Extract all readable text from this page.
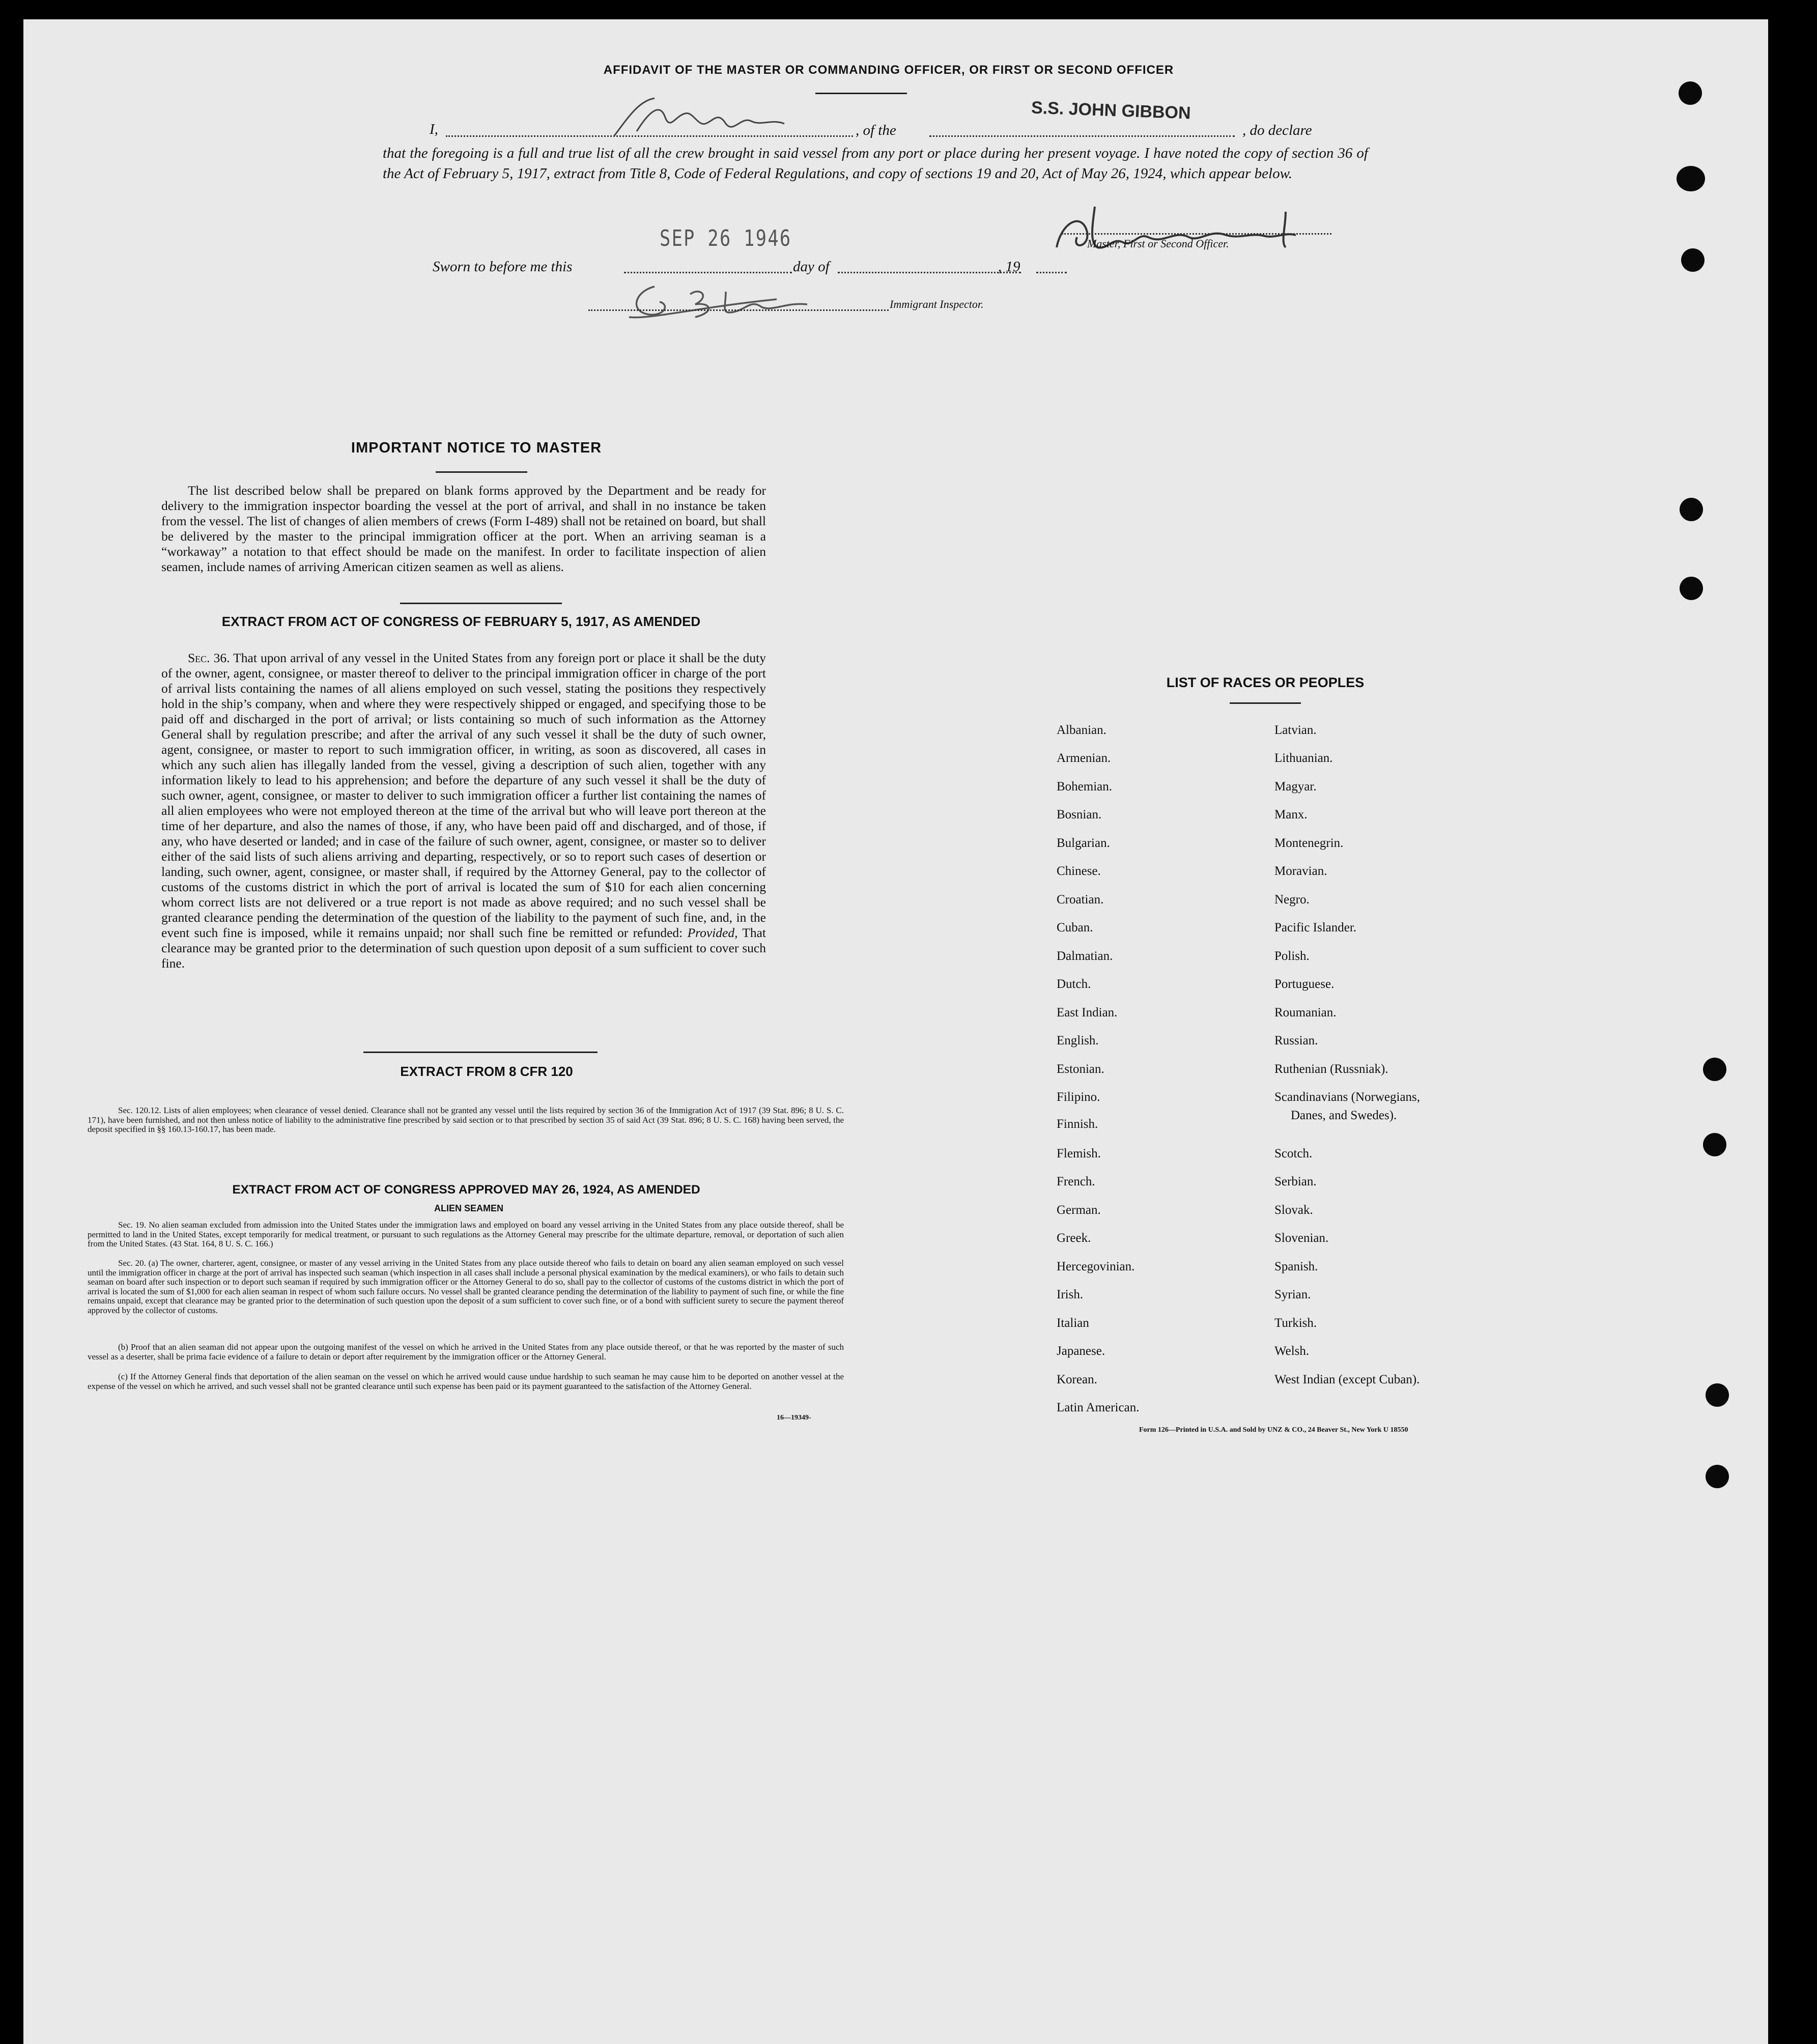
AFFIDAVIT OF THE MASTER OR COMMANDING OFFICER, OR FIRST OR SECOND OFFICER
I,	, of the
S.S. JOHN GIBBON
, do declare
that the foregoing is a full and true list of all the crew brought in said vessel from any port or place during her present voyage. I have noted the copy of section 36 of the Act of February 5, 1917, extract from Title 8, Code of Federal Regulations, and copy of sections 19 and 20, Act of May 26, 1924, which appear below.
SEP 26 1946	Master, First or Second Officer.
Sworn to before me this	day of	, 19
Immigrant Inspector.
IMPORTANT NOTICE TO MASTER
The list described below shall be prepared on blank forms approved by the Department and be ready for delivery to the immigration inspector boarding the vessel at the port of arrival, and shall in no instance be taken from the vessel. The list of changes of alien members of crews (Form I-489) shall not be retained on board, but shall be delivered by the master to the principal immigration officer at the port. When an arriving seaman is a “workaway” a notation to that effect should be made on the manifest. In order to facilitate inspection of alien seamen, include names of arriving American citizen seamen as well as aliens.
EXTRACT FROM ACT OF CONGRESS OF FEBRUARY 5, 1917, AS AMENDED
Sec. 36. That upon arrival of any vessel in the United States from any foreign port or place it shall be the duty of the owner, agent, consignee, or master thereof to deliver to the principal immigration officer in charge of the port of arrival lists containing the names of all aliens employed on such vessel, stating the positions they respectively hold in the ship’s company, when and where they were respectively shipped or engaged, and specifying those to be paid off and discharged in the port of arrival; or lists containing so much of such information as the Attorney General shall by regulation prescribe; and after the arrival of any such vessel it shall be the duty of such owner, agent, consignee, or master to report to such immigration officer, in writing, as soon as discovered, all cases in which any such alien has illegally landed from the vessel, giving a description of such alien, together with any information likely to lead to his apprehension; and before the departure of any such vessel it shall be the duty of such owner, agent, consignee, or master to deliver to such immigration officer a further list containing the names of all alien employees who were not employed thereon at the time of the arrival but who will leave port thereon at the time of her departure, and also the names of those, if any, who have been paid off and discharged, and of those, if any, who have deserted or landed; and in case of the failure of such owner, agent, consignee, or master so to deliver either of the said lists of such aliens arriving and departing, respectively, or so to report such cases of desertion or landing, such owner, agent, consignee, or master shall, if required by the Attorney General, pay to the collector of customs of the customs district in which the port of arrival is located the sum of $10 for each alien concerning whom correct lists are not delivered or a true report is not made as above required; and no such vessel shall be granted clearance pending the determination of the question of the liability to the payment of such fine, and, in the event such fine is imposed, while it remains unpaid; nor shall such fine be remitted or refunded: Provided, That clearance may be granted prior to the determination of such question upon deposit of a sum sufficient to cover such fine.
EXTRACT FROM 8 CFR 120
Sec. 120.12. Lists of alien employees; when clearance of vessel denied. Clearance shall not be granted any vessel until the lists required by section 36 of the Immigration Act of 1917 (39 Stat. 896; 8 U. S. C. 171), have been furnished, and not then unless notice of liability to the administrative fine prescribed by said section or to that prescribed by section 35 of said Act (39 Stat. 896; 8 U. S. C. 168) having been served, the deposit specified in §§ 160.13-160.17, has been made.
EXTRACT FROM ACT OF CONGRESS APPROVED MAY 26, 1924, AS AMENDED
ALIEN SEAMEN
Sec. 19. No alien seaman excluded from admission into the United States under the immigration laws and employed on board any vessel arriving in the United States from any place outside thereof, shall be permitted to land in the United States, except temporarily for medical treatment, or pursuant to such regulations as the Attorney General may prescribe for the ultimate departure, removal, or deportation of such alien from the United States. (43 Stat. 164, 8 U. S. C. 166.)
Sec. 20. (a) The owner, charterer, agent, consignee, or master of any vessel arriving in the United States from any place outside thereof who fails to detain on board any alien seaman employed on such vessel until the immigration officer in charge at the port of arrival has inspected such seaman (which inspection in all cases shall include a personal physical examination by the medical examiners), or who fails to detain such seaman on board after such inspection or to deport such seaman if required by such immigration officer or the Attorney General to do so, shall pay to the collector of customs of the customs district in which the port of arrival is located the sum of $1,000 for each alien seaman in respect of whom such failure occurs. No vessel shall be granted clearance pending the determination of the liability to payment of such fine, or while the fine remains unpaid, except that clearance may be granted prior to the determination of such question upon the deposit of a sum sufficient to cover such fine, or of a bond with sufficient surety to secure the payment thereof approved by the collector of customs.
(b) Proof that an alien seaman did not appear upon the outgoing manifest of the vessel on which he arrived in the United States from any place outside thereof, or that he was reported by the master of such vessel as a deserter, shall be prima facie evidence of a failure to detain or deport after requirement by the immigration officer or the Attorney General.
(c) If the Attorney General finds that deportation of the alien seaman on the vessel on which he arrived would cause undue hardship to such seaman he may cause him to be deported on another vessel at the expense of the vessel on which he arrived, and such vessel shall not be granted clearance until such expense has been paid or its payment guaranteed to the satisfaction of the Attorney General.
16—19349-
LIST OF RACES OR PEOPLES
Albanian.
Armenian.
Bohemian.
Bosnian.
Bulgarian.
Chinese.
Croatian.
Cuban.
Dalmatian.
Dutch.
East Indian.
English.
Estonian.
Filipino.
Finnish.
Flemish.
French.
German.
Greek.
Hercegovinian.
Irish.
Italian
Japanese.
Korean.
Latin American.
Latvian.
Lithuanian.
Magyar.
Manx.
Montenegrin.
Moravian.
Negro.
Pacific Islander.
Polish.
Portuguese.
Roumanian.
Russian.
Ruthenian (Russniak).
Scandinavians (Norwegians,
Danes, and Swedes).
Scotch.
Serbian.
Slovak.
Slovenian.
Spanish.
Syrian.
Turkish.
Welsh.
West Indian (except Cuban).
Form 126—Printed in U.S.A. and Sold by UNZ & CO., 24 Beaver St., New York U 18550
